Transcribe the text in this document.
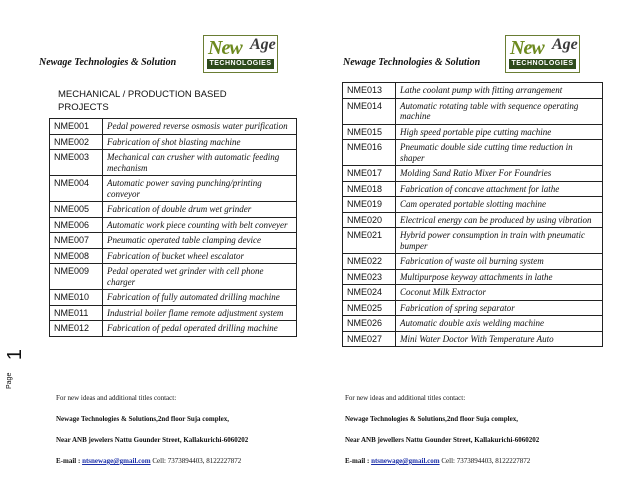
Page
1
Newage Technologies & Solution
New Age
TECHNOLOGIES
MECHANICAL / PRODUCTION BASED
PROJECTS
NME001	Pedal powered reverse osmosis water purification
NME002	Fabrication of shot blasting machine
NME003	Mechanical can crusher with automatic feeding mechanism
NME004	Automatic power saving punching/printing conveyor
NME005	Fabrication of double drum wet grinder
NME006	Automatic work piece counting with belt conveyer
NME007	Pneumatic operated table clamping device
NME008	Fabrication of bucket wheel escalator
NME009	Pedal operated wet grinder with cell phone charger
NME010	Fabrication of fully automated drilling machine
NME011	Industrial boiler flame remote adjustment system
NME012	Fabrication of pedal operated drilling machine
For new ideas and additional titles contact:
Newage Technologies & Solutions,2nd floor Suja complex,
Near ANB jewelers Nattu Gounder Street, Kallakurichi-6060202
E-mail : ntsnewage@gmail.com Cell: 7373894403, 8122227872
Newage Technologies & Solution
New Age
TECHNOLOGIES
NME013	Lathe coolant pump with fitting arrangement
NME014	Automatic rotating table with sequence operating machine
NME015	High speed portable pipe cutting machine
NME016	Pneumatic double side cutting time reduction in shaper
NME017	Molding Sand Ratio Mixer For Foundries
NME018	Fabrication of concave attachment for lathe
NME019	Cam operated portable slotting machine
NME020	Electrical energy can be produced by using vibration
NME021	Hybrid power consumption in train with pneumatic bumper
NME022	Fabrication of waste oil burning system
NME023	Multipurpose keyway attachments in lathe
NME024	Coconut Milk Extractor
NME025	Fabrication of spring separator
NME026	Automatic double axis welding machine
NME027	Mini Water Doctor With Temperature Auto
For new ideas and additional titles contact:
Newage Technologies & Solutions,2nd floor Suja complex,
Near ANB jewellers Nattu Gounder Street, Kallakurichi-6060202
E-mail : ntsnewage@gmail.com Cell: 7373894403, 8122227872
